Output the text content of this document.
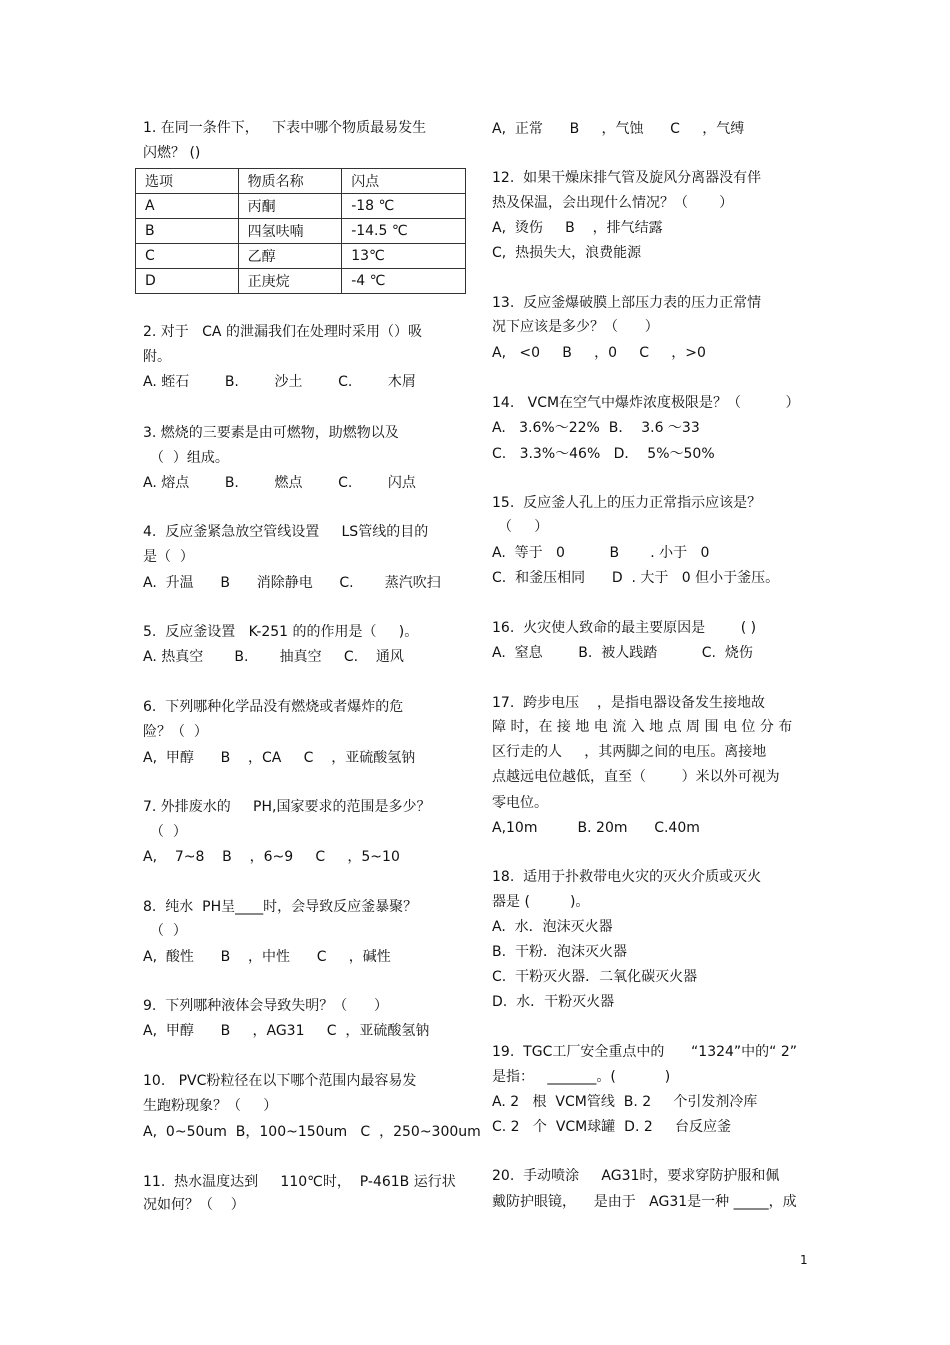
1. 在同一条件下，   下表中哪个物质最易发生
闪燃？ ()
2. 对于   CA 的泄漏我们在处理时采用（）吸
附。
A. 蛭石        B.        沙土        C.        木屑
3. 燃烧的三要素是由可燃物，助燃物以及
（  ）组成。
A. 熔点        B.        燃点        C.        闪点
4.  反应釜紧急放空管线设置     LS管线的目的
是（  ）
A.  升温      B      消除静电      C.       蒸汽吹扫
5.  反应釜设置   K-251 的的作用是（     )。
A. 热真空       B.       抽真空     C.    通风
6.  下列哪种化学品没有燃烧或者爆炸的危
险？（  ）
A,  甲醇      B    ，CA     C    ，亚硫酸氢钠
7. 外排废水的     PH,国家要求的范围是多少？
（  ）
A,    7~8    B    ，6~9     C     ，5~10
8.  纯水  PH呈____时，会导致反应釜暴聚？
（  ）
A,  酸性      B    ，中性      C     ，碱性
9.  下列哪种液体会导致失明？（      ）
A,  甲醇      B     ，AG31     C  ，亚硫酸氢钠
10.   PVC粉粒径在以下哪个范围内最容易发
生跑粉现象？（     ）
A,  0~50um  B，100~150um   C  ，250~300um
11.  热水温度达到     110℃时，  P-461B 运行状
况如何？（    ）
选项	物质名称	闪点
A	丙酮	-18 ℃
B	四氢呋喃	-14.5 ℃
C	乙醇	13℃
D	正庚烷	-4 ℃
A,  正常      B     ，气蚀      C     ，气缚
12.  如果干燥床排气管及旋风分离器没有伴
热及保温，会出现什么情况？（       ）
A,  烫伤     B    ，排气结露
C,  热损失大，浪费能源
13.  反应釜爆破膜上部压力表的压力正常情
况下应该是多少？（      ）
A,   <0     B     ，0     C     ，>0
14.   VCM在空气中爆炸浓度极限是？（          ）
A.   3.6%～22%  B．  3.6 ～33
C.   3.3%～46%   D．  5%～50%
15.  反应釜人孔上的压力正常指示应该是？
（     ）
A.  等于   0          B       . 小于   0
C.  和釜压相同      D  . 大于   0 但小于釜压。
16.  火灾使人致命的最主要原因是        ( )
A.  窒息        B.  被人践踏          C.  烧伤
17.  跨步电压    ，是指电器设备发生接地故
障 时，在 接 地 电 流 入 地 点 周 围 电 位 分 布
区行走的人     ，其两脚之间的电压。离接地
点越远电位越低，直至（        ）米以外可视为
零电位。
A,10m         B. 20m      C.40m
18.  适用于扑救带电火灾的灭火介质或灭火
器是 (         )。
A.  水．泡沫灭火器
B.  干粉．泡沫灭火器
C.  干粉灭火器．二氧化碳灭火器
D.  水．干粉灭火器
19.  TGC工厂安全重点中的      “1324”中的“ 2”
是指：   _______。(           )
A. 2   根  VCM管线  B. 2     个引发剂冷库
C. 2   个  VCM球罐  D. 2     台反应釜
20.  手动喷涂     AG31时，要求穿防护服和佩
戴防护眼镜，    是由于   AG31是一种 _____，成
1
